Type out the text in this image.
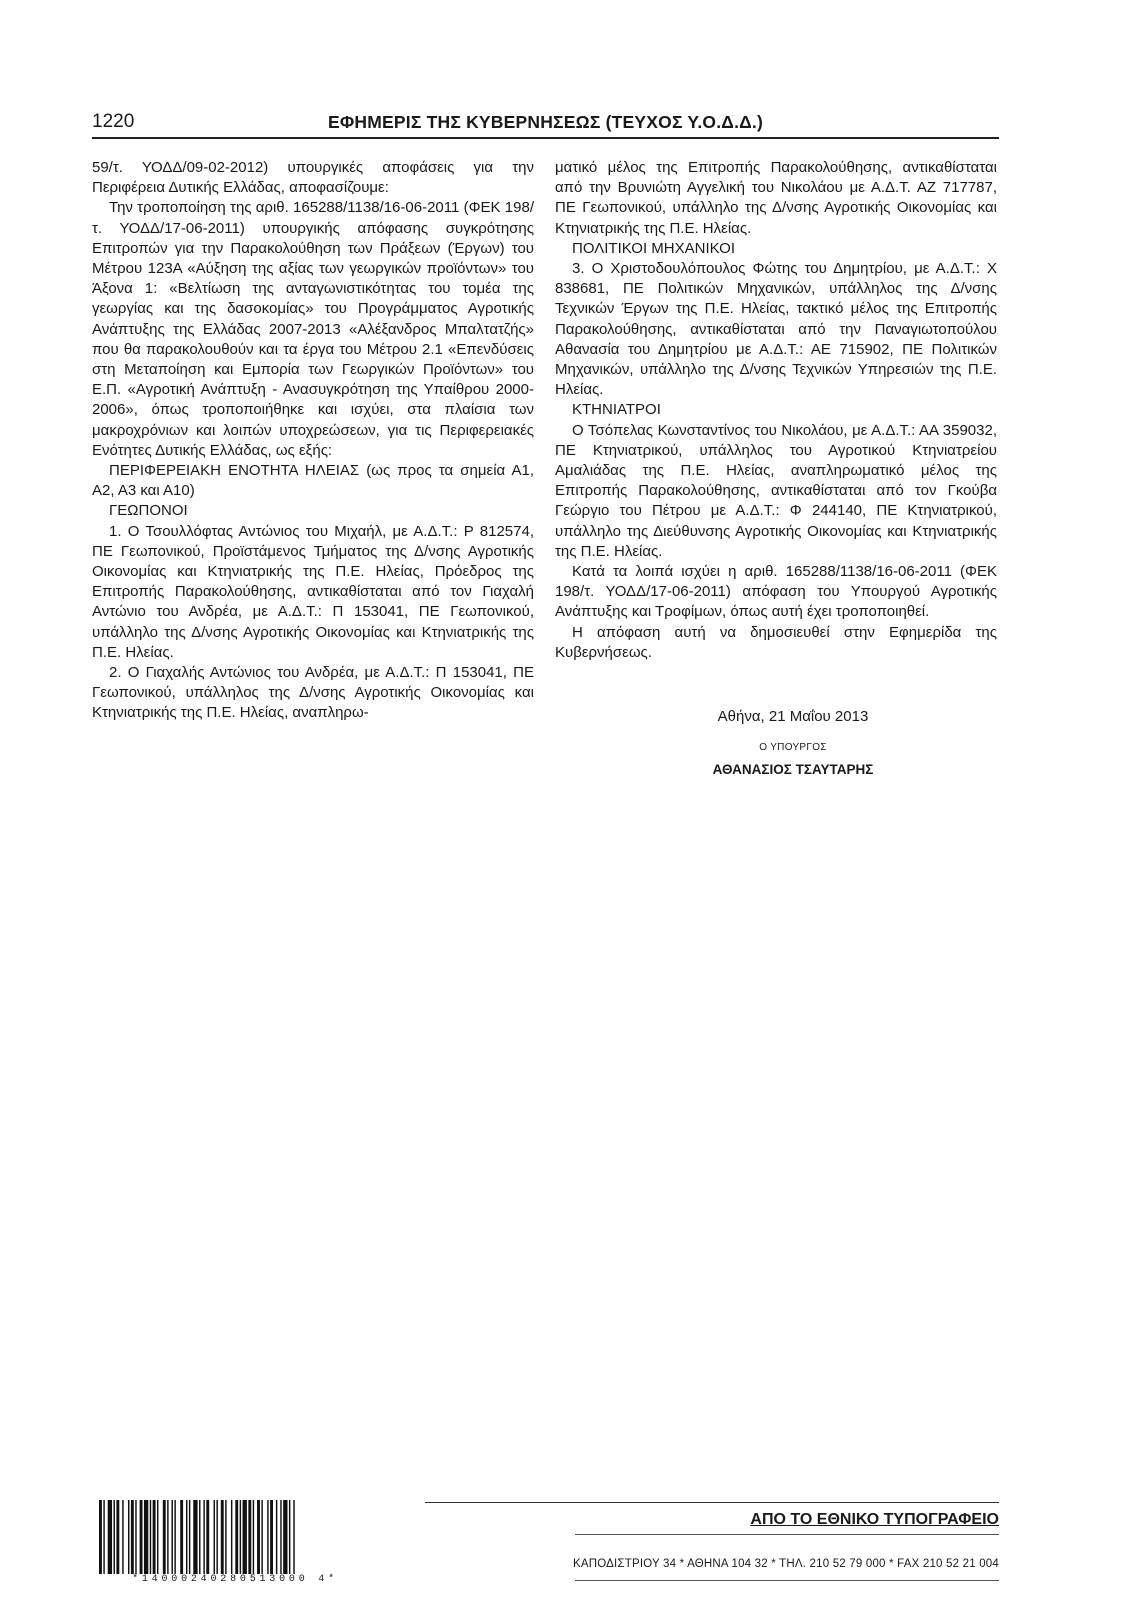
1220	ΕΦΗΜΕΡΙΣ ΤΗΣ ΚΥΒΕΡΝΗΣΕΩΣ (ΤΕΥΧΟΣ Υ.Ο.Δ.Δ.)

59/τ. ΥΟΔΔ/09-02-2012) υπουργικές αποφάσεις για την Περιφέρεια Δυτικής Ελλάδας, αποφασίζουμε:

Την τροποποίηση της αριθ. 165288/1138/16-06-2011 (ΦΕΚ 198/τ. ΥΟΔΔ/17-06-2011) υπουργικής απόφασης συγκρότησης Επιτροπών για την Παρακολούθηση των Πράξεων (Έργων) του Μέτρου 123Α «Αύξηση της αξίας των γεωργικών προϊόντων» του Άξονα 1: «Βελτίωση της ανταγωνιστικότητας του τομέα της γεωργίας και της δασοκομίας» του Προγράμματος Αγροτικής Ανάπτυξης της Ελλάδας 2007-2013 «Αλέξανδρος Μπαλτατζής» που θα παρακολουθούν και τα έργα του Μέτρου 2.1 «Επενδύσεις στη Μεταποίηση και Εμπορία των Γεωργικών Προϊόντων» του Ε.Π. «Αγροτική Ανάπτυξη - Ανασυγκρότηση της Υπαίθρου 2000-2006», όπως τροποποιήθηκε και ισχύει, στα πλαίσια των μακροχρόνιων και λοιπών υποχρεώσεων, για τις Περιφερειακές Ενότητες Δυτικής Ελλάδας, ως εξής:

ΠΕΡΙΦΕΡΕΙΑΚΗ ΕΝΟΤΗΤΑ ΗΛΕΙΑΣ (ως προς τα σημεία Α1, Α2, Α3 και Α10)

ΓΕΩΠΟΝΟΙ

1. Ο Τσουλλόφτας Αντώνιος του Μιχαήλ, με Α.Δ.Τ.: Ρ 812574, ΠΕ Γεωπονικού, Προϊστάμενος Τμήματος της Δ/νσης Αγροτικής Οικονομίας και Κτηνιατρικής της Π.Ε. Ηλείας, Πρόεδρος της Επιτροπής Παρακολούθησης, αντικαθίσταται από τον Γιαχαλή Αντώνιο του Ανδρέα, με Α.Δ.Τ.: Π 153041, ΠΕ Γεωπονικού, υπάλληλο της Δ/νσης Αγροτικής Οικονομίας και Κτηνιατρικής της Π.Ε. Ηλείας.

2. Ο Γιαχαλής Αντώνιος του Ανδρέα, με Α.Δ.Τ.: Π 153041, ΠΕ Γεωπονικού, υπάλληλος της Δ/νσης Αγροτικής Οικονομίας και Κτηνιατρικής της Π.Ε. Ηλείας, αναπληρω-

ματικό μέλος της Επιτροπής Παρακολούθησης, αντικαθίσταται από την Βρυνιώτη Αγγελική του Νικολάου με Α.Δ.Τ. ΑΖ 717787, ΠΕ Γεωπονικού, υπάλληλο της Δ/νσης Αγροτικής Οικονομίας και Κτηνιατρικής της Π.Ε. Ηλείας.

ΠΟΛΙΤΙΚΟΙ ΜΗΧΑΝΙΚΟΙ

3. Ο Χριστοδουλόπουλος Φώτης του Δημητρίου, με Α.Δ.Τ.: Χ 838681, ΠΕ Πολιτικών Μηχανικών, υπάλληλος της Δ/νσης Τεχνικών Έργων της Π.Ε. Ηλείας, τακτικό μέλος της Επιτροπής Παρακολούθησης, αντικαθίσταται από την Παναγιωτοπούλου Αθανασία του Δημητρίου με Α.Δ.Τ.: ΑΕ 715902, ΠΕ Πολιτικών Μηχανικών, υπάλληλο της Δ/νσης Τεχνικών Υπηρεσιών της Π.Ε. Ηλείας.

ΚΤΗΝΙΑΤΡΟΙ

Ο Τσόπελας Κωνσταντίνος του Νικολάου, με Α.Δ.Τ.: ΑΑ 359032, ΠΕ Κτηνιατρικού, υπάλληλος του Αγροτικού Κτηνιατρείου Αμαλιάδας της Π.Ε. Ηλείας, αναπληρωματικό μέλος της Επιτροπής Παρακολούθησης, αντικαθίσταται από τον Γκούβα Γεώργιο του Πέτρου με Α.Δ.Τ.: Φ 244140, ΠΕ Κτηνιατρικού, υπάλληλο της Διεύθυνσης Αγροτικής Οικονομίας και Κτηνιατρικής της Π.Ε. Ηλείας.

Κατά τα λοιπά ισχύει η αριθ. 165288/1138/16-06-2011 (ΦΕΚ 198/τ. ΥΟΔΔ/17-06-2011) απόφαση του Υπουργού Αγροτικής Ανάπτυξης και Τροφίμων, όπως αυτή έχει τροποποιηθεί.

Η απόφαση αυτή να δημοσιευθεί στην Εφημερίδα της Κυβερνήσεως.

Αθήνα, 21 Μαΐου 2013
Ο ΥΠΟΥΡΓΟΣ
ΑΘΑΝΑΣΙΟΣ ΤΣΑΥΤΑΡΗΣ
*14000240280513000 4*
ΑΠΟ ΤΟ ΕΘΝΙΚΟ ΤΥΠΟΓΡΑΦΕΙΟ
ΚΑΠΟΔΙΣΤΡΙΟΥ 34 * ΑΘΗΝΑ 104 32 * ΤΗΛ. 210 52 79 000 * FAX 210 52 21 004
